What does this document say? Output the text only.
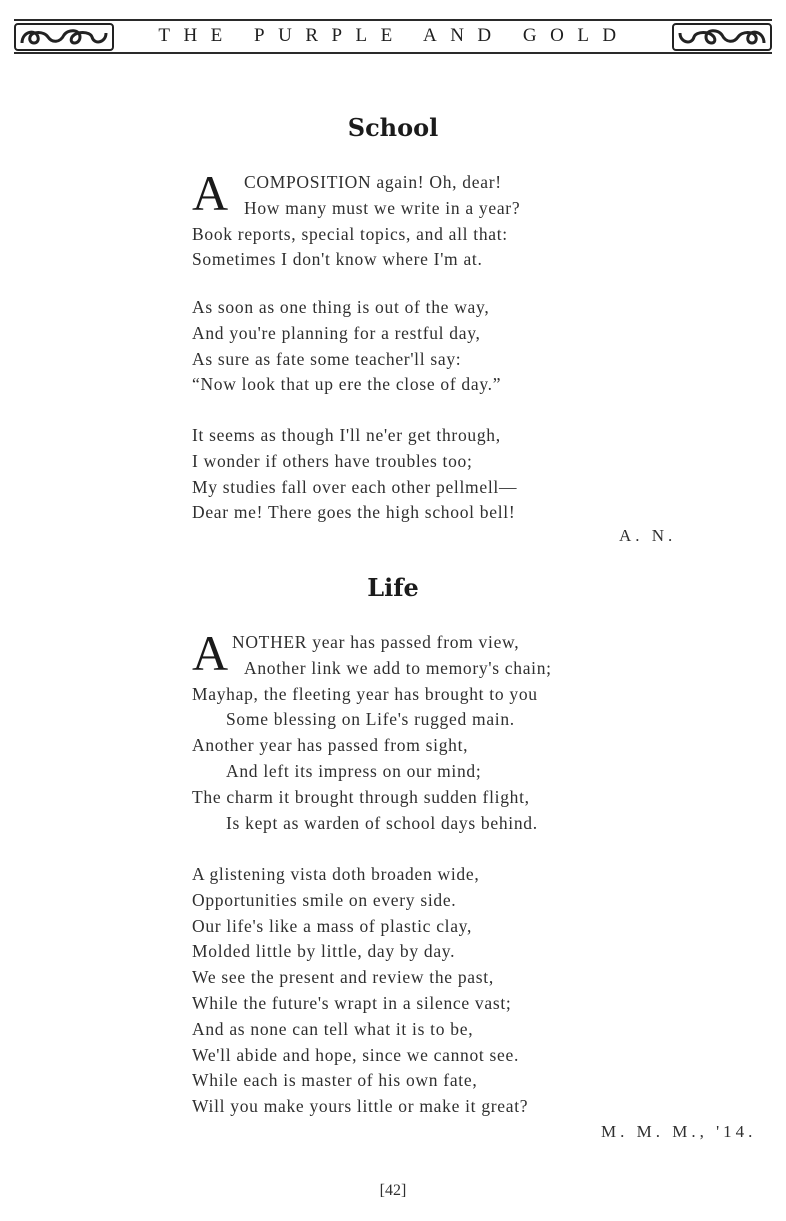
THE PURPLE AND GOLD
School
A COMPOSITION again! Oh, dear!
How many must we write in a year?
Book reports, special topics, and all that:
Sometimes I don't know where I'm at.
As soon as one thing is out of the way,
And you're planning for a restful day,
As sure as fate some teacher'll say:
“Now look that up ere the close of day.”
It seems as though I'll ne'er get through,
I wonder if others have troubles too;
My studies fall over each other pellmell—
Dear me! There goes the high school bell!
A. N.
Life
A NOTHER year has passed from view,
Another link we add to memory's chain;
Mayhap, the fleeting year has brought to you
Some blessing on Life's rugged main.
Another year has passed from sight,
And left its impress on our mind;
The charm it brought through sudden flight,
Is kept as warden of school days behind.
A glistening vista doth broaden wide,
Opportunities smile on every side.
Our life's like a mass of plastic clay,
Molded little by little, day by day.
We see the present and review the past,
While the future's wrapt in a silence vast;
And as none can tell what it is to be,
We'll abide and hope, since we cannot see.
While each is master of his own fate,
Will you make yours little or make it great?
M. M. M., '14.
[42]
